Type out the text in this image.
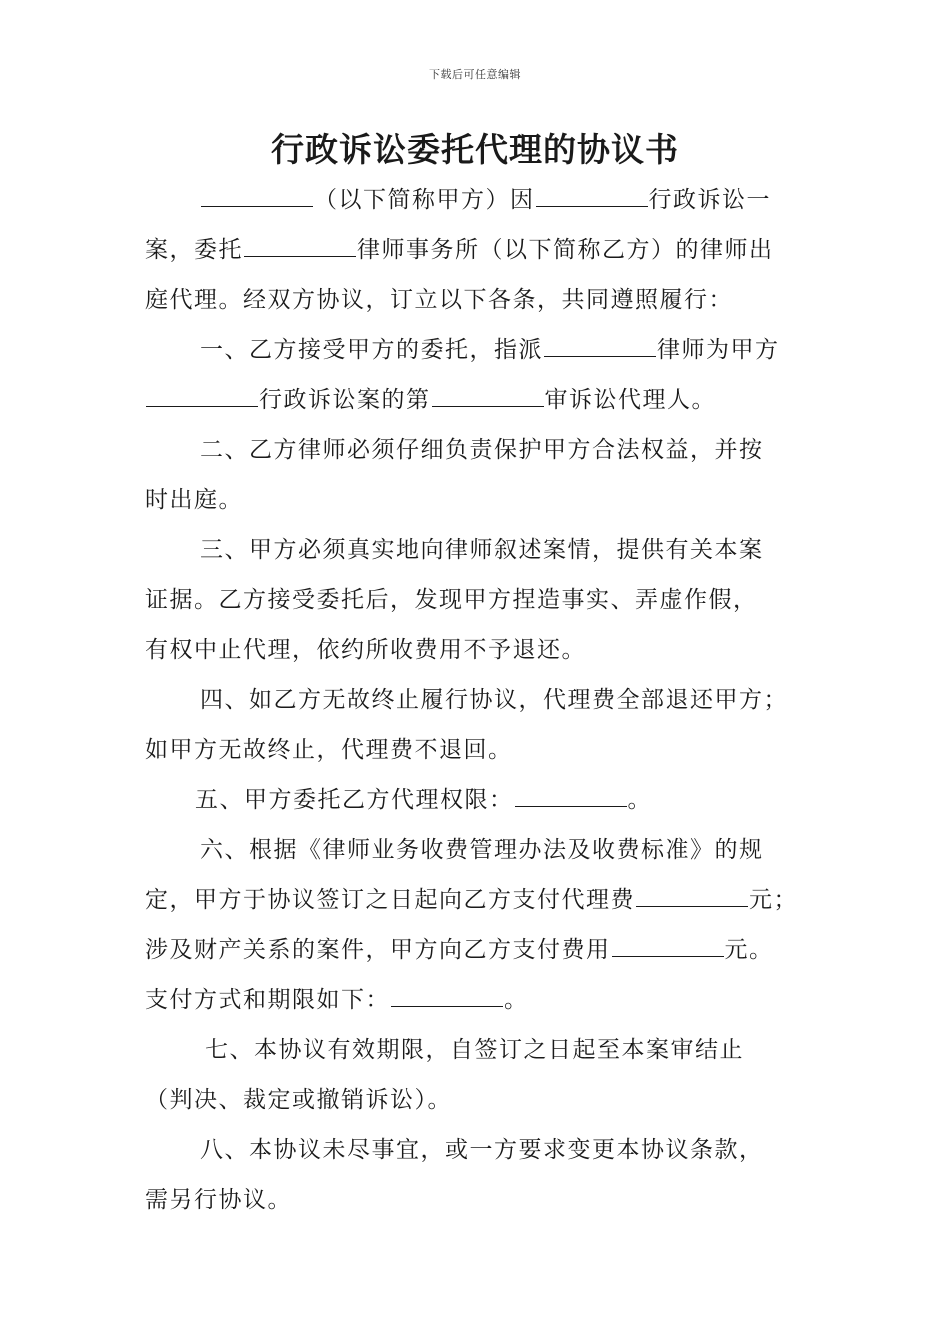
下载后可任意编辑
行政诉讼委托代理的协议书
（以下简称甲方）因	行政诉讼一
案，委托	律师事务所（以下简称乙方）的律师出
庭代理。经双方协议，订立以下各条，共同遵照履行：
一、乙方接受甲方的委托，指派	律师为甲方
行政诉讼案的第	审诉讼代理人。
二、乙方律师必须仔细负责保护甲方合法权益，并按
时出庭。
三、甲方必须真实地向律师叙述案情，提供有关本案
证据。乙方接受委托后，发现甲方捏造事实、弄虚作假，
有权中止代理，依约所收费用不予退还。
四、如乙方无故终止履行协议，代理费全部退还甲方；
如甲方无故终止，代理费不退回。
五、甲方委托乙方代理权限：	。
六、根据《律师业务收费管理办法及收费标准》的规
定，甲方于协议签订之日起向乙方支付代理费	元；
涉及财产关系的案件，甲方向乙方支付费用	元。
支付方式和期限如下：	。
七、本协议有效期限，自签订之日起至本案审结止
（判决、裁定或撤销诉讼）。
八、本协议未尽事宜，或一方要求变更本协议条款，
需另行协议。
